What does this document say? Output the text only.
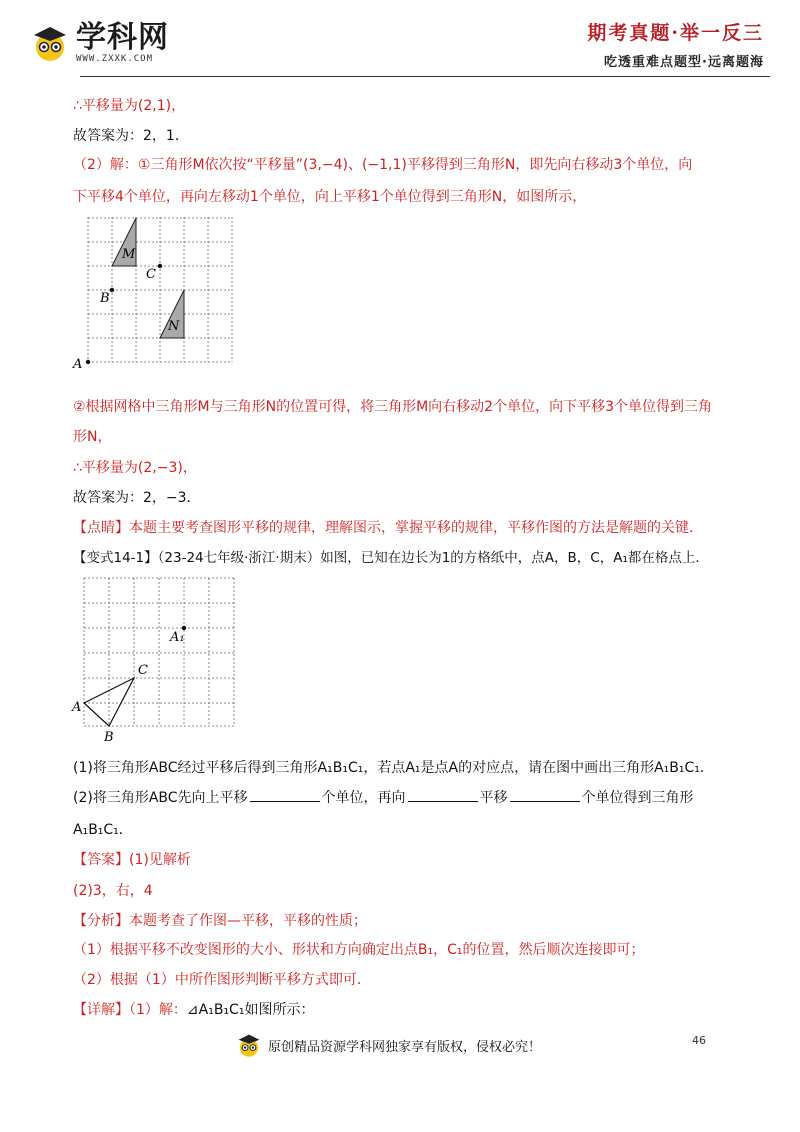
学科网
WWW.ZXXK.COM
期考真题·举一反三
吃透重难点题型·远离题海
∴平移量为(2,1)，
故答案为：2，1．
（2）解：①三角形M依次按“平移量”(3,−4)、(−1,1)平移得到三角形N，即先向右移动3个单位，向
下平移4个单位，再向左移动1个单位，向上平移1个单位得到三角形N，如图所示，
M
C
B
N
A
②根据网格中三角形M与三角形N的位置可得，将三角形M向右移动2个单位，向下平移3个单位得到三角
形N，
∴平移量为(2,−3)，
故答案为：2，−3．
【点睛】本题主要考查图形平移的规律，理解图示，掌握平移的规律，平移作图的方法是解题的关键．
【变式14-1】（23-24七年级·浙江·期末）如图，已知在边长为1的方格纸中，点A，B，C，A₁都在格点上．
A₁
C
A
B
(1)将三角形ABC经过平移后得到三角形A₁B₁C₁，若点A₁是点A的对应点，请在图中画出三角形A₁B₁C₁．
(2)将三角形ABC先向上平移	个单位，再向	平移	个单位得到三角形
A₁B₁C₁．
【答案】(1)见解析
(2)3，右，4
【分析】本题考查了作图—平移，平移的性质；
（1）根据平移不改变图形的大小、形状和方向确定出点B₁，C₁的位置，然后顺次连接即可；
（2）根据（1）中所作图形判断平移方式即可．
【详解】（1）解：⊿A₁B₁C₁如图所示：
46
原创精品资源学科网独家享有版权，侵权必究！
